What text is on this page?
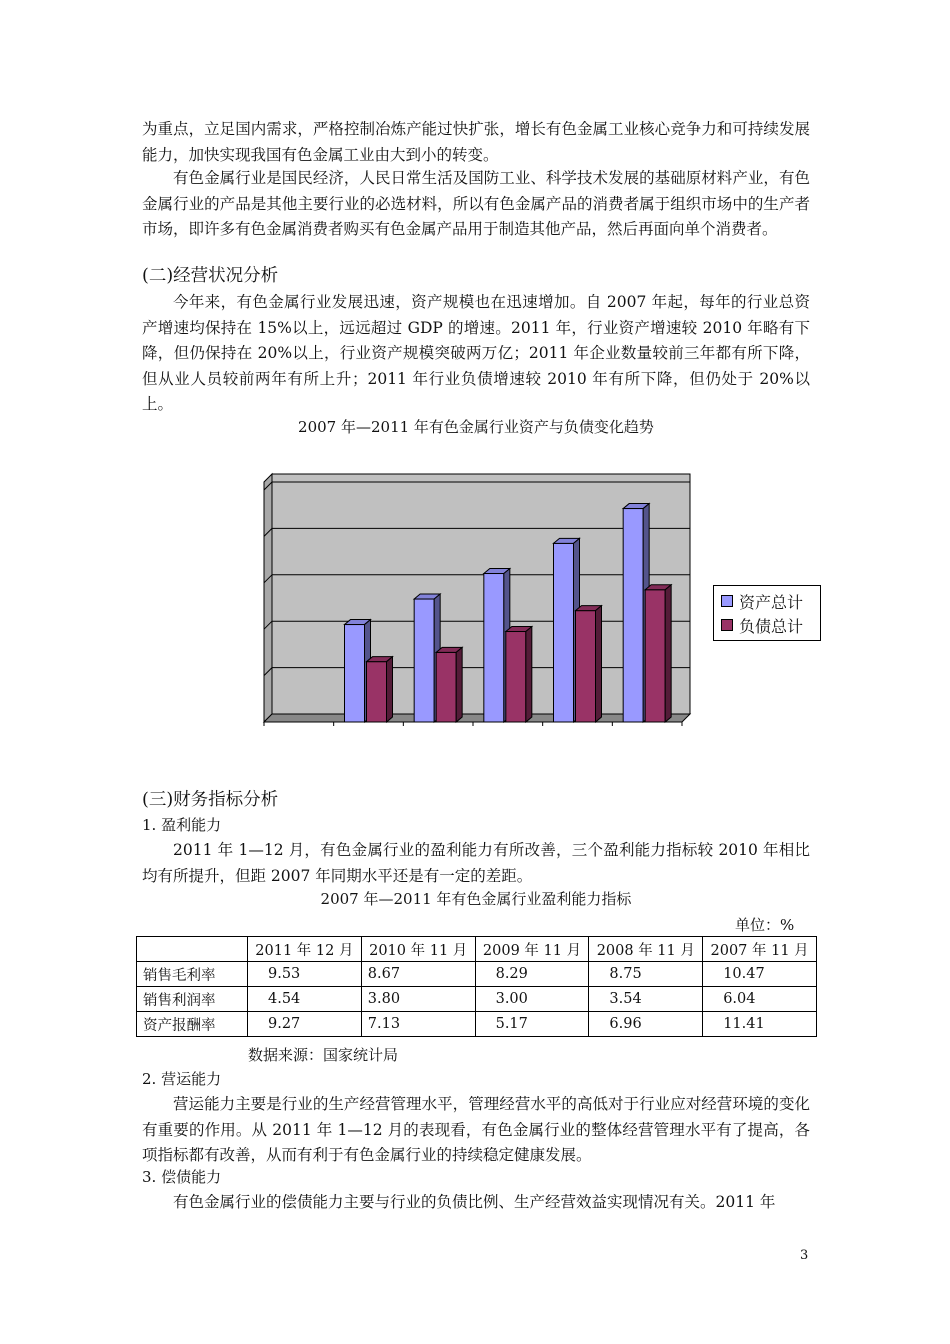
为重点，立足国内需求，严格控制冶炼产能过快扩张，增长有色金属工业核心竞争力和可持续发展能力，加快实现我国有色金属工业由大到小的转变。

有色金属行业是国民经济，人民日常生活及国防工业、科学技术发展的基础原材料产业，有色金属行业的产品是其他主要行业的必选材料，所以有色金属产品的消费者属于组织市场中的生产者市场，即许多有色金属消费者购买有色金属产品用于制造其他产品，然后再面向单个消费者。

(二)经营状况分析

今年来，有色金属行业发展迅速，资产规模也在迅速增加。自 2007 年起，每年的行业总资产增速均保持在 15%以上，远远超过 GDP 的增速。2011 年，行业资产增速较 2010 年略有下降，但仍保持在 20%以上，行业资产规模突破两万亿；2011 年企业数量较前三年都有所下降，但从业人员较前两年有所上升；2011 年行业负债增速较 2010 年有所下降，但仍处于 20%以上。

2007 年—2011 年有色金属行业资产与负债变化趋势
资产总计
负债总计
(三)财务指标分析
1. 盈利能力

2011 年 1—12 月，有色金属行业的盈利能力有所改善，三个盈利能力指标较 2010 年相比均有所提升，但距 2007 年同期水平还是有一定的差距。

2007 年—2011 年有色金属行业盈利能力指标
单位：%
	2011 年 12 月	2010 年 11 月	2009 年 11 月	2008 年 11 月	2007 年 11 月
销售毛利率	9.53	8.67	8.29	8.75	10.47
销售利润率	4.54	3.80	3.00	3.54	6.04
资产报酬率	9.27	7.13	5.17	6.96	11.41
数据来源：国家统计局
2. 营运能力

营运能力主要是行业的生产经营管理水平，管理经营水平的高低对于行业应对经营环境的变化有重要的作用。从 2011 年 1—12 月的表现看，有色金属行业的整体经营管理水平有了提高，各项指标都有改善，从而有利于有色金属行业的持续稳定健康发展。

3. 偿债能力

有色金属行业的偿债能力主要与行业的负债比例、生产经营效益实现情况有关。2011 年

3
